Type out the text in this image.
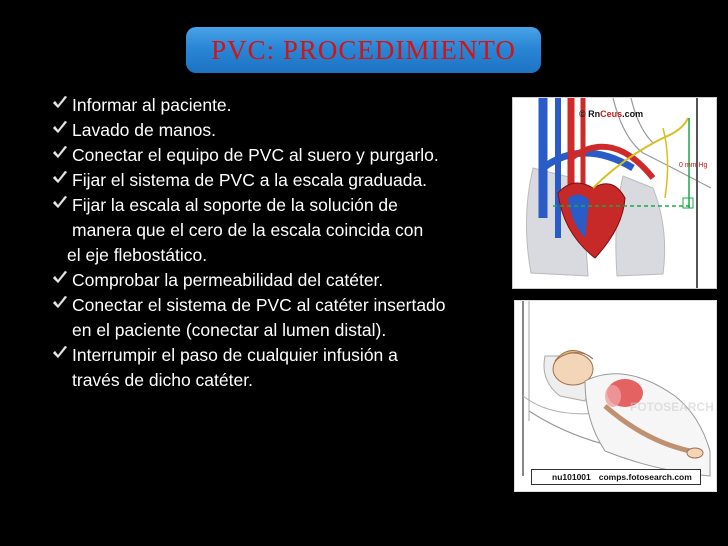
PVC: PROCEDIMIENTO
Informar al paciente.
Lavado de manos.
Conectar el equipo de PVC al suero y purgarlo.
Fijar el sistema de PVC a la escala graduada.
Fijar la escala al soporte de la solución de
manera que el cero de la escala coincida con
el eje flebostático.
Comprobar la permeabilidad del catéter.
Conectar el sistema de PVC al catéter insertado
en el paciente (conectar al lumen distal).
Interrumpir el paso de cualquier infusión a
través de dicho catéter.
© RnCeus.com
0 mm Hg
FOTOSEARCH
nu101001 comps.fotosearch.com
